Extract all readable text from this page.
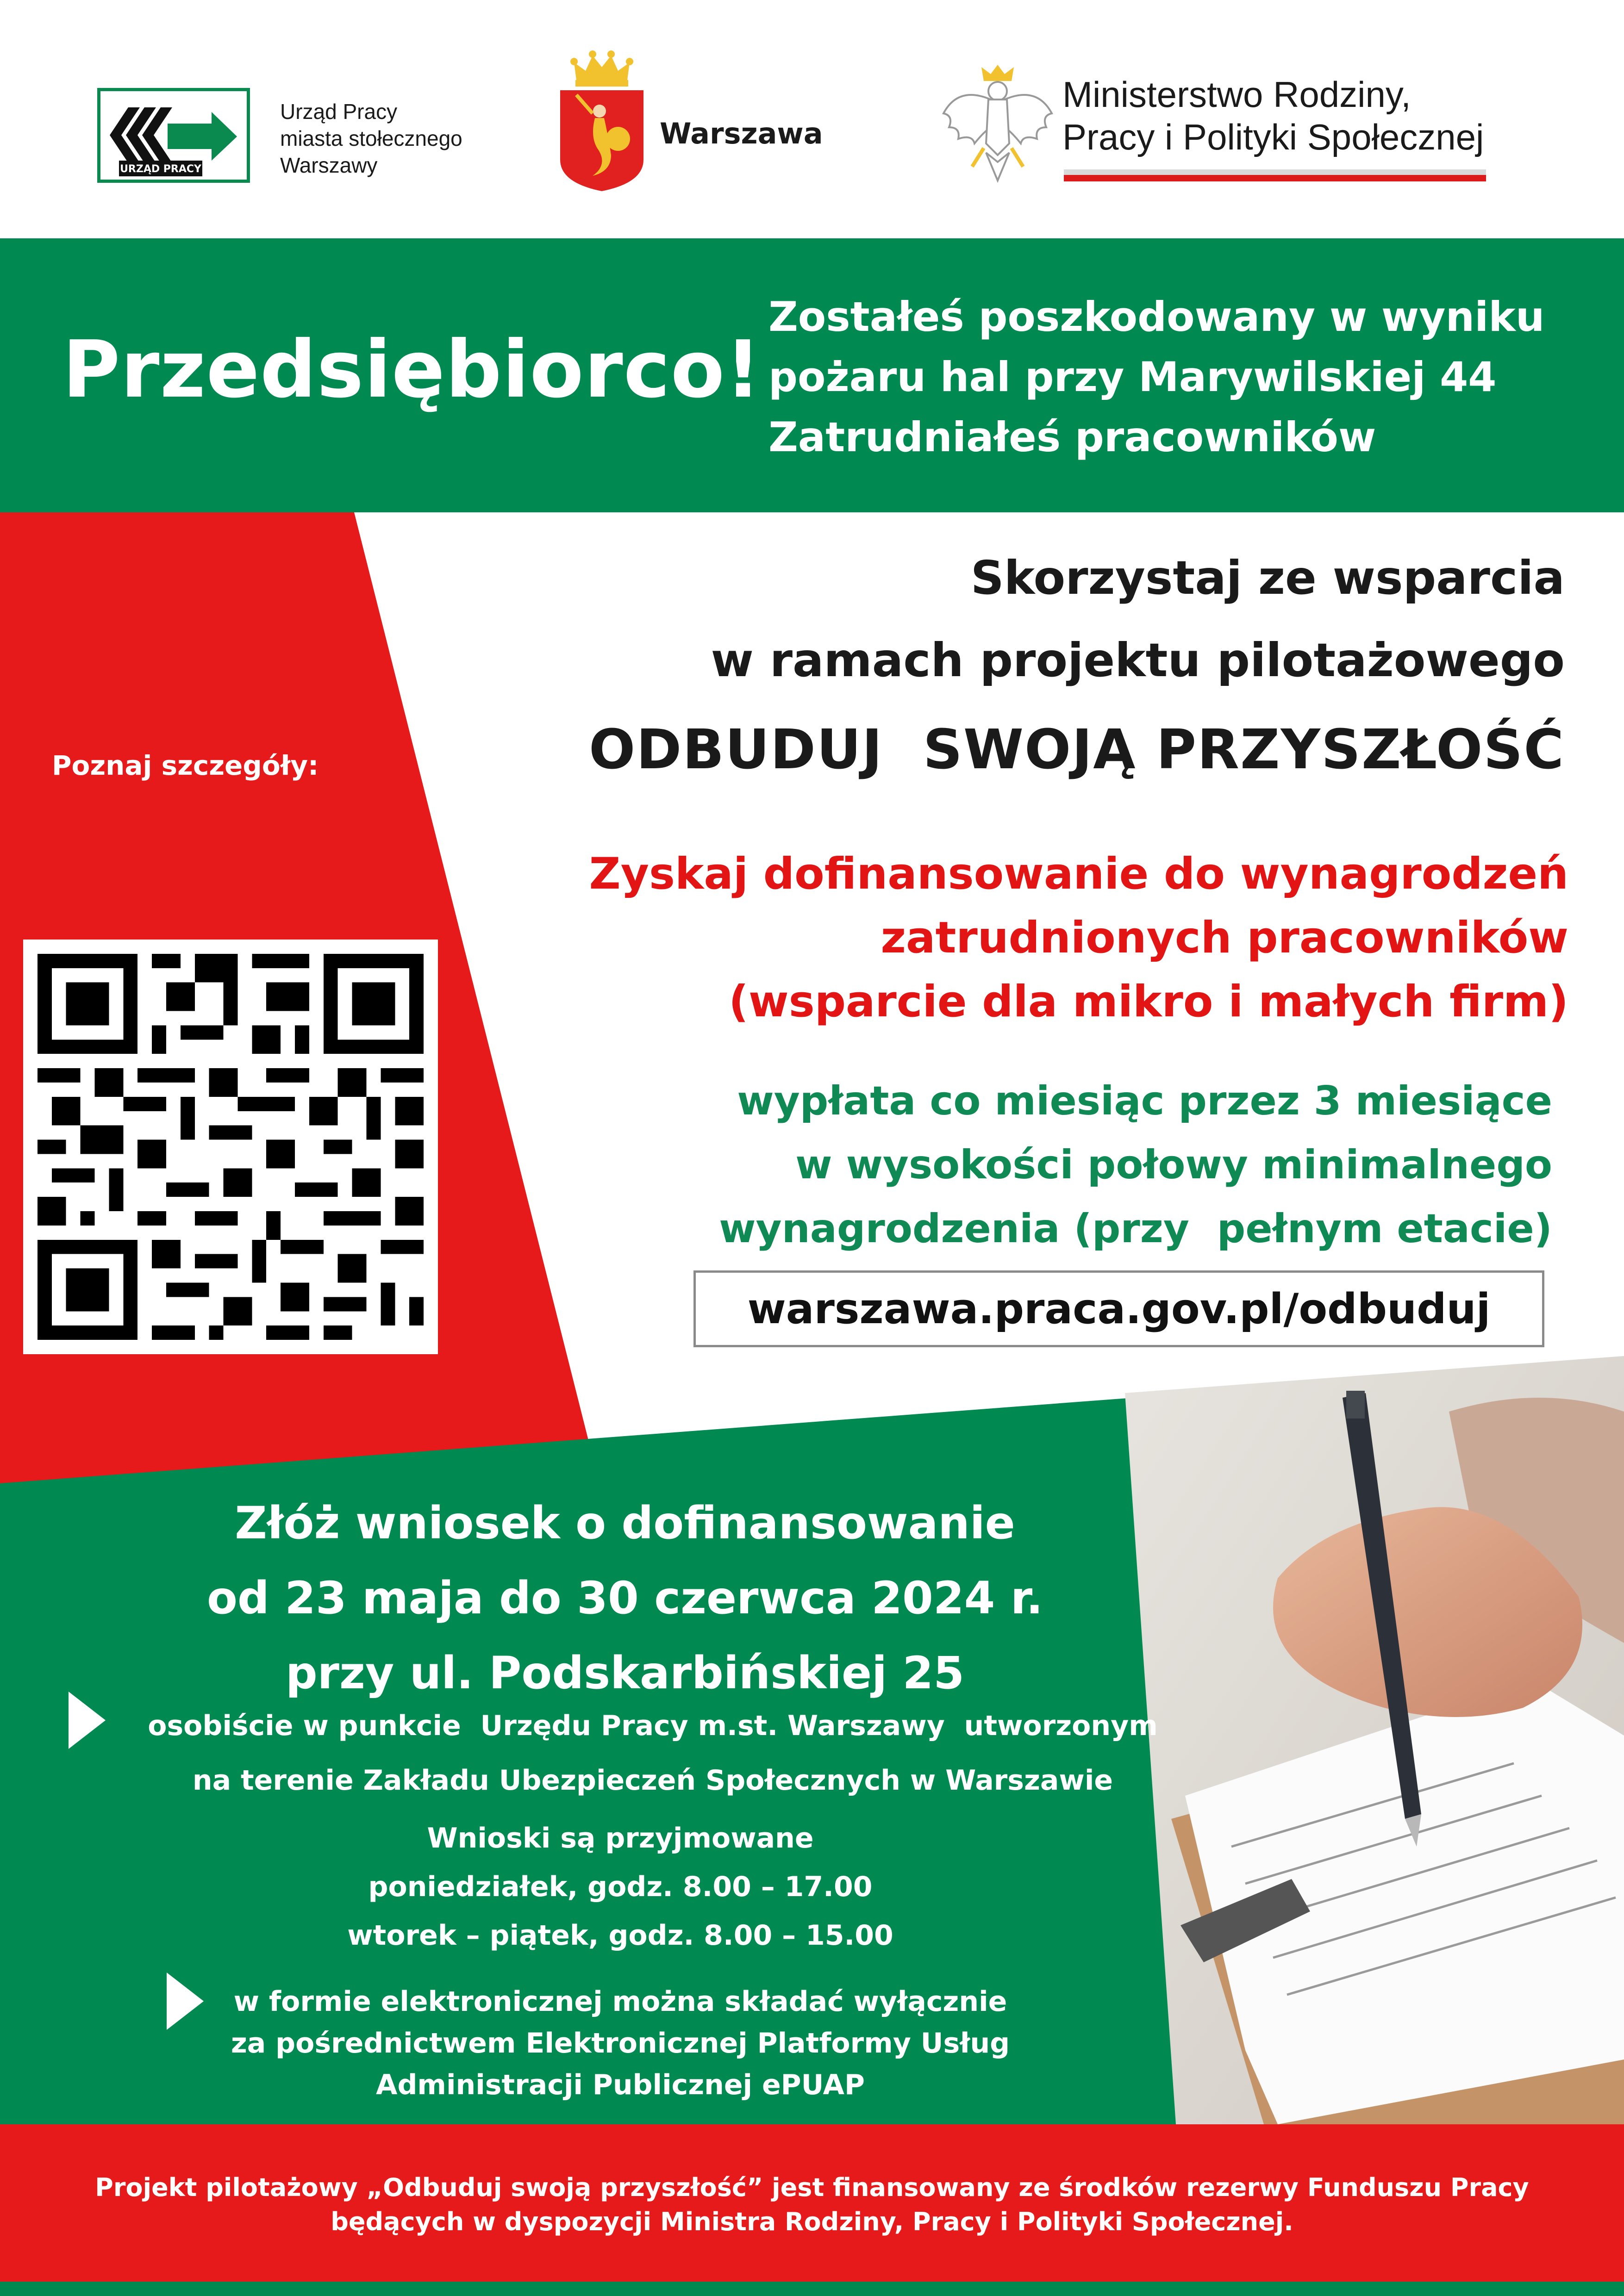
URZĄD PRACY
Urząd Pracy
miasta stołecznego
Warszawy
Warszawa
Ministerstwo Rodziny,
Pracy i Polityki Społecznej
Przedsiębiorco!
Zostałeś poszkodowany w wyniku
pożaru hal przy Marywilskiej 44
Zatrudniałeś pracowników
Poznaj szczegóły:
Skorzystaj ze wsparcia
w ramach projektu pilotażowego
ODBUDUJ  SWOJĄ PRZYSZŁOŚĆ
Zyskaj dofinansowanie do wynagrodzeń
zatrudnionych pracowników
(wsparcie dla mikro i małych firm)
wypłata co miesiąc przez 3 miesiące
w wysokości połowy minimalnego
wynagrodzenia (przy  pełnym etacie)
warszawa.praca.gov.pl/odbuduj
Złóż wniosek o dofinansowanie
od 23 maja do 30 czerwca 2024 r.
przy ul. Podskarbińskiej 25
osobiście w punkcie  Urzędu Pracy m.st. Warszawy  utworzonym
na terenie Zakładu Ubezpieczeń Społecznych w Warszawie
Wnioski są przyjmowane
poniedziałek, godz. 8.00 – 17.00
wtorek – piątek, godz. 8.00 – 15.00
w formie elektronicznej można składać wyłącznie
za pośrednictwem Elektronicznej Platformy Usług
Administracji Publicznej ePUAP
Projekt pilotażowy „Odbuduj swoją przyszłość” jest finansowany ze środków rezerwy Funduszu Pracy
będących w dyspozycji Ministra Rodziny, Pracy i Polityki Społecznej.
